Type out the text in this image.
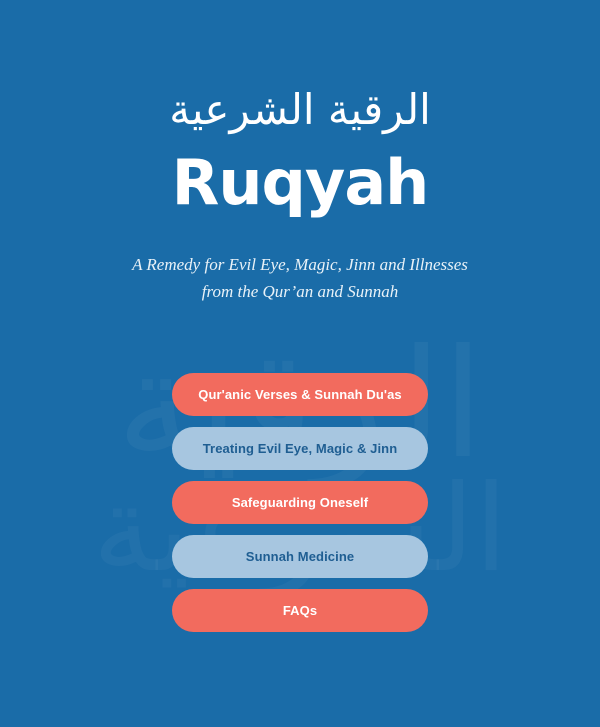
الرقية الشرعية
Ruqyah

A Remedy for Evil Eye, Magic, Jinn and Illnesses
from the Qur’an and Sunnah

Qur'anic Verses & Sunnah Du'as
Treating Evil Eye, Magic & Jinn
Safeguarding Oneself
Sunnah Medicine
FAQs
